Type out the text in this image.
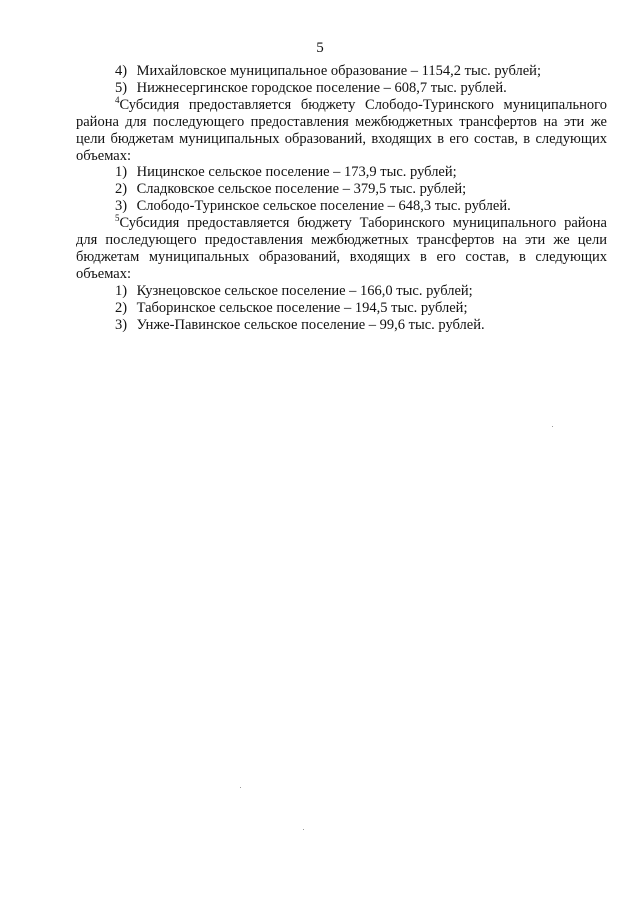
5

4) Михайловское муниципальное образование – 1154,2 тыс. рублей;

5) Нижнесергинское городское поселение – 608,7 тыс. рублей.

$^4$Субсидия предоставляется бюджету Слободо-Туринского муниципального района для последующего предоставления межбюджетных трансфертов на эти же цели бюджетам муниципальных образований, входящих в его состав, в следующих объемах:

1) Ницинское сельское поселение – 173,9 тыс. рублей;

2) Сладковское сельское поселение – 379,5 тыс. рублей;

3) Слободо-Туринское сельское поселение – 648,3 тыс. рублей.

$^5$Субсидия предоставляется бюджету Таборинского муниципального района для последующего предоставления межбюджетных трансфертов на эти же цели бюджетам муниципальных образований, входящих в его состав, в следующих объемах:

1) Кузнецовское сельское поселение – 166,0 тыс. рублей;

2) Таборинское сельское поселение – 194,5 тыс. рублей;

3) Унже-Павинское сельское поселение – 99,6 тыс. рублей.
